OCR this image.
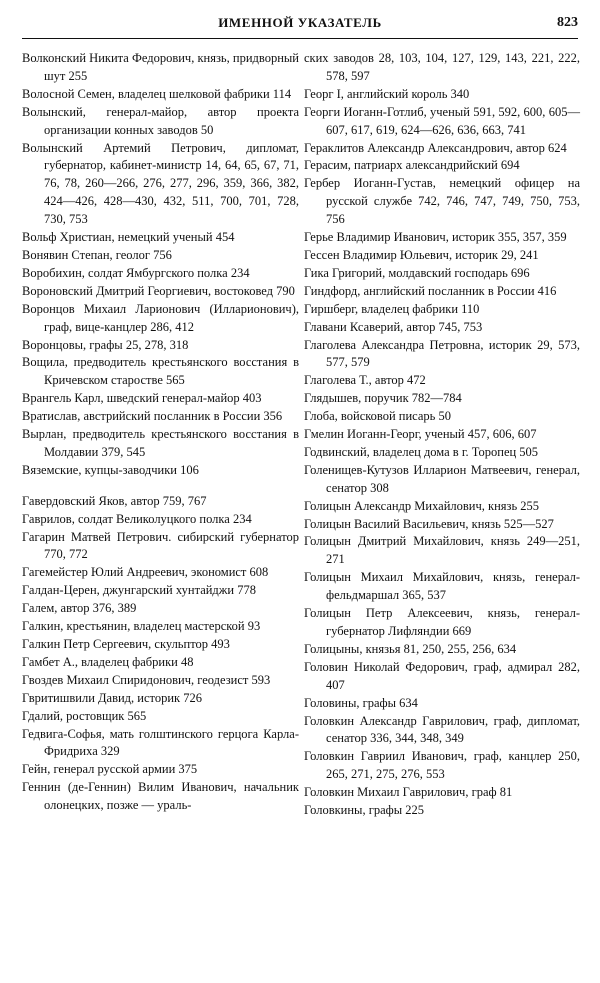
ИМЕННОЙ УКАЗАТЕЛЬ	823

Волконский Никита Федорович, князь, придворный шут 255

Волосной Семен, владелец шелковой фабрики 114

Волынский, генерал-майор, автор проекта организации конных заводов 50

Волынский Артемий Петрович, дипломат, губернатор, кабинет-министр 14, 64, 65, 67, 71, 76, 78, 260—266, 276, 277, 296, 359, 366, 382, 424—426, 428—430, 432, 511, 700, 701, 728, 730, 753

Вольф Христиан, немецкий ученый 454

Вонявин Степан, геолог 756

Воробихин, солдат Ямбургского полка 234

Вороновский Дмитрий Георгиевич, востоковед 790

Воронцов Михаил Ларионович (Илларионович), граф, вице-канцлер 286, 412

Воронцовы, графы 25, 278, 318

Вощила, предводитель крестьянского восстания в Кричевском старостве 565

Врангель Карл, шведский генерал-майор 403

Вратислав, австрийский посланник в России 356

Вырлан, предводитель крестьянского восстания в Молдавии 379, 545

Вяземские, купцы-заводчики 106

Гавердовский Яков, автор 759, 767

Гаврилов, солдат Великолуцкого полка 234

Гагарин Матвей Петрович. сибирский губернатор 770, 772

Гагемейстер Юлий Андреевич, экономист 608

Галдан-Церен, джунгарский хунтайджи 778

Галем, автор 376, 389

Галкин, крестьянин, владелец мастерской 93

Галкин Петр Сергеевич, скульптор 493

Гамбет А., владелец фабрики 48

Гвоздев Михаил Спиридонович, геодезист 593

Гвритишвили Давид, историк 726

Гдалий, ростовщик 565

Гедвига-Софья, мать голштинского герцога Карла-Фридриха 329

Гейн, генерал русской армии 375

Геннин (де-Геннин) Вилим Иванович, начальник олонецких, позже — ураль-

ских заводов 28, 103, 104, 127, 129, 143, 221, 222, 578, 597

Георг I, английский король 340

Георги Иоганн-Готлиб, ученый 591, 592, 600, 605—607, 617, 619, 624—626, 636, 663, 741

Гераклитов Александр Александрович, автор 624

Герасим, патриарх александрийский 694

Гербер Иоганн-Густав, немецкий офицер на русской службе 742, 746, 747, 749, 750, 753, 756

Герье Владимир Иванович, историк 355, 357, 359

Гессен Владимир Юльевич, историк 29, 241

Гика Григорий, молдавский господарь 696

Гиндфорд, английский посланник в России 416

Гиршберг, владелец фабрики 110

Главани Ксаверий, автор 745, 753

Глаголева Александра Петровна, историк 29, 573, 577, 579

Глаголева Т., автор 472

Глядышев, поручик 782—784

Глоба, войсковой писарь 50

Гмелин Иоганн-Георг, ученый 457, 606, 607

Годвинский, владелец дома в г. Торопец 505

Голенищев-Кутузов Илларион Матвеевич, генерал, сенатор 308

Голицын Александр Михайлович, князь 255

Голицын Василий Васильевич, князь 525—527

Голицын Дмитрий Михайлович, князь 249—251, 271

Голицын Михаил Михайлович, князь, генерал-фельдмаршал 365, 537

Голицын Петр Алексеевич, князь, генерал-губернатор Лифляндии 669

Голицыны, князья 81, 250, 255, 256, 634

Головин Николай Федорович, граф, адмирал 282, 407

Головины, графы 634

Головкин Александр Гаврилович, граф, дипломат, сенатор 336, 344, 348, 349

Головкин Гавриил Иванович, граф, канцлер 250, 265, 271, 275, 276, 553

Головкин Михаил Гаврилович, граф 81

Головкины, графы 225
